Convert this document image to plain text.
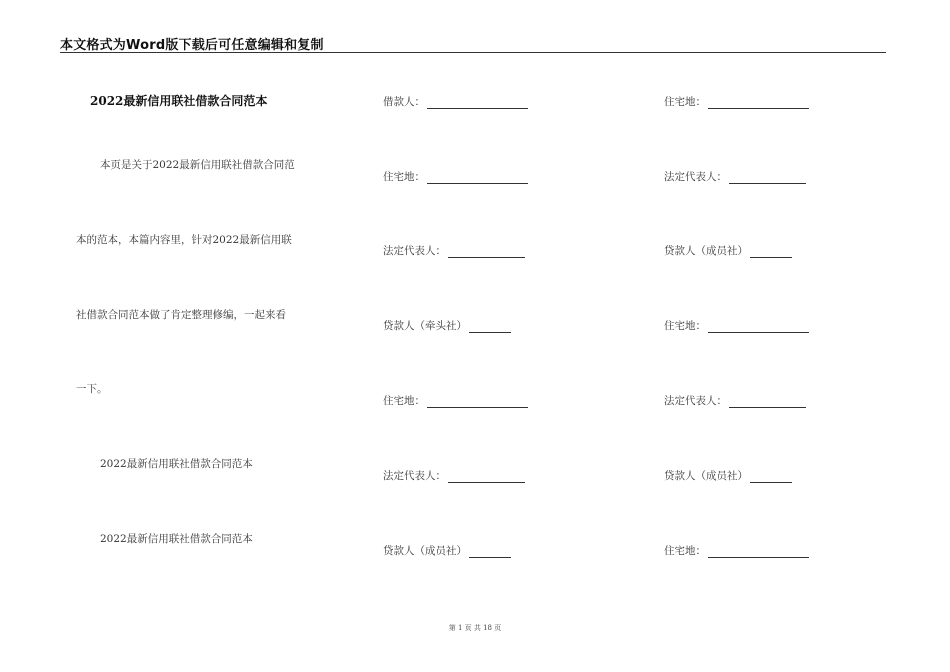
本文格式为Word版下载后可任意编辑和复制
2022最新信用联社借款合同范本
本页是关于2022最新信用联社借款合同范
本的范本，本篇内容里，针对2022最新信用联
社借款合同范本做了肯定整理修编，一起来看
一下。
2022最新信用联社借款合同范本
2022最新信用联社借款合同范本
借款人：
住宅地：
法定代表人：
贷款人（牵头社）
住宅地：
法定代表人：
贷款人（成员社）
住宅地：
法定代表人：
贷款人（成员社）
住宅地：
法定代表人：
贷款人（成员社）
住宅地：
第 1 页 共 18 页
